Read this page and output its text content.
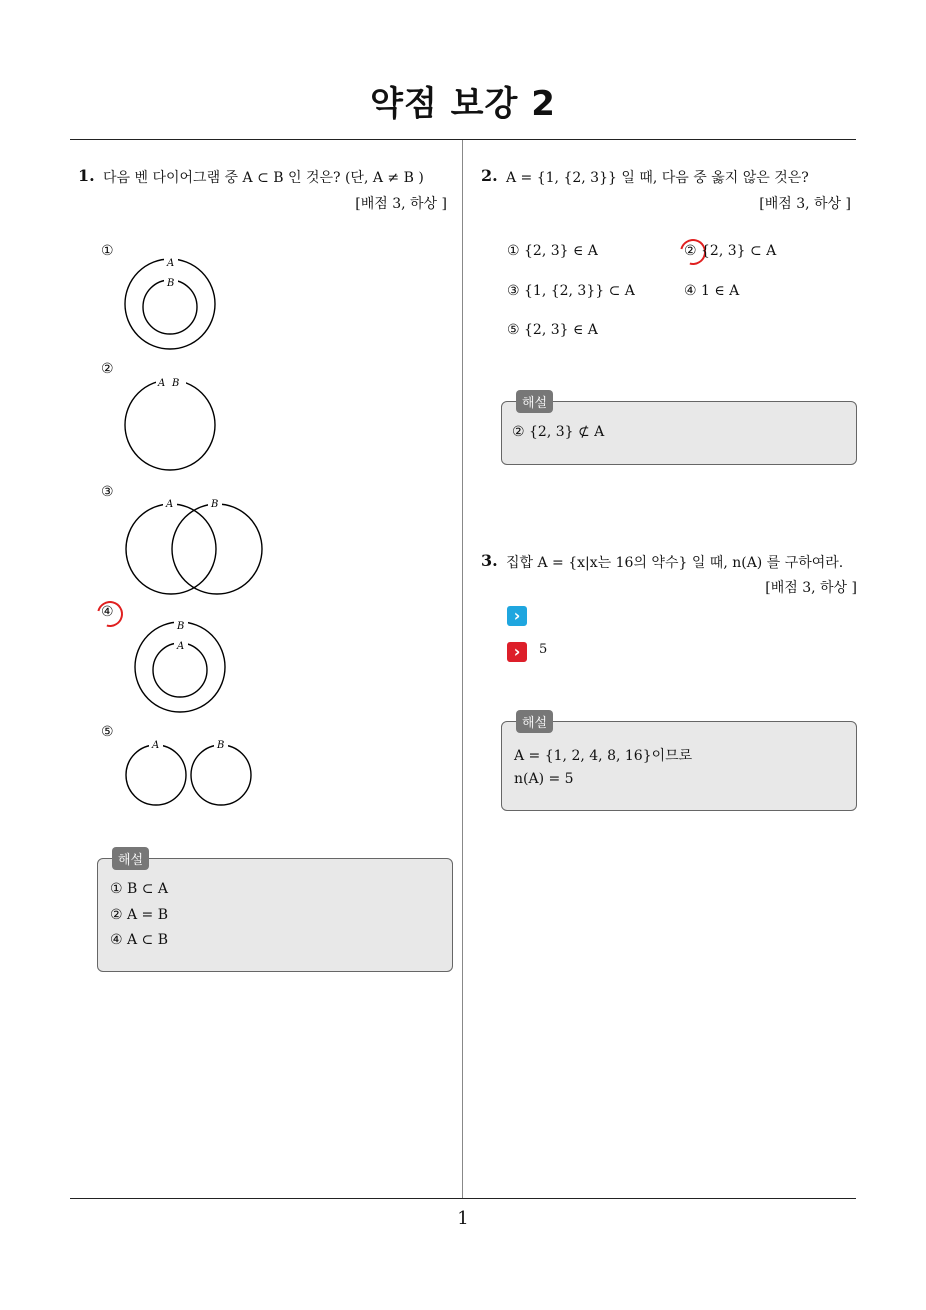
약점 보강 2
1. 다음 벤 다이어그램 중 A ⊂ B 인 것은? (단, A ≠ B )
[배점 3, 하상 ]
①
A
B
②
A B
③
A	B
④
B
A
⑤
A	B
해설
① B ⊂ A
② A = B
④ A ⊂ B
2. A = {1, {2, 3}} 일 때, 다음 중 옳지 않은 것은?
[배점 3, 하상 ]
① {2, 3} ∈ A	② {2, 3} ⊂ A
③ {1, {2, 3}} ⊂ A	④ 1 ∈ A
⑤ {2, 3} ∈ A
해설
② {2, 3} ⊄ A
3. 집합 A = {x|x는 16의 약수} 일 때, n(A) 를 구하여라.
[배점 3, 하상 ]
›
›	5
해설
A = {1, 2, 4, 8, 16}이므로
n(A) = 5
1
